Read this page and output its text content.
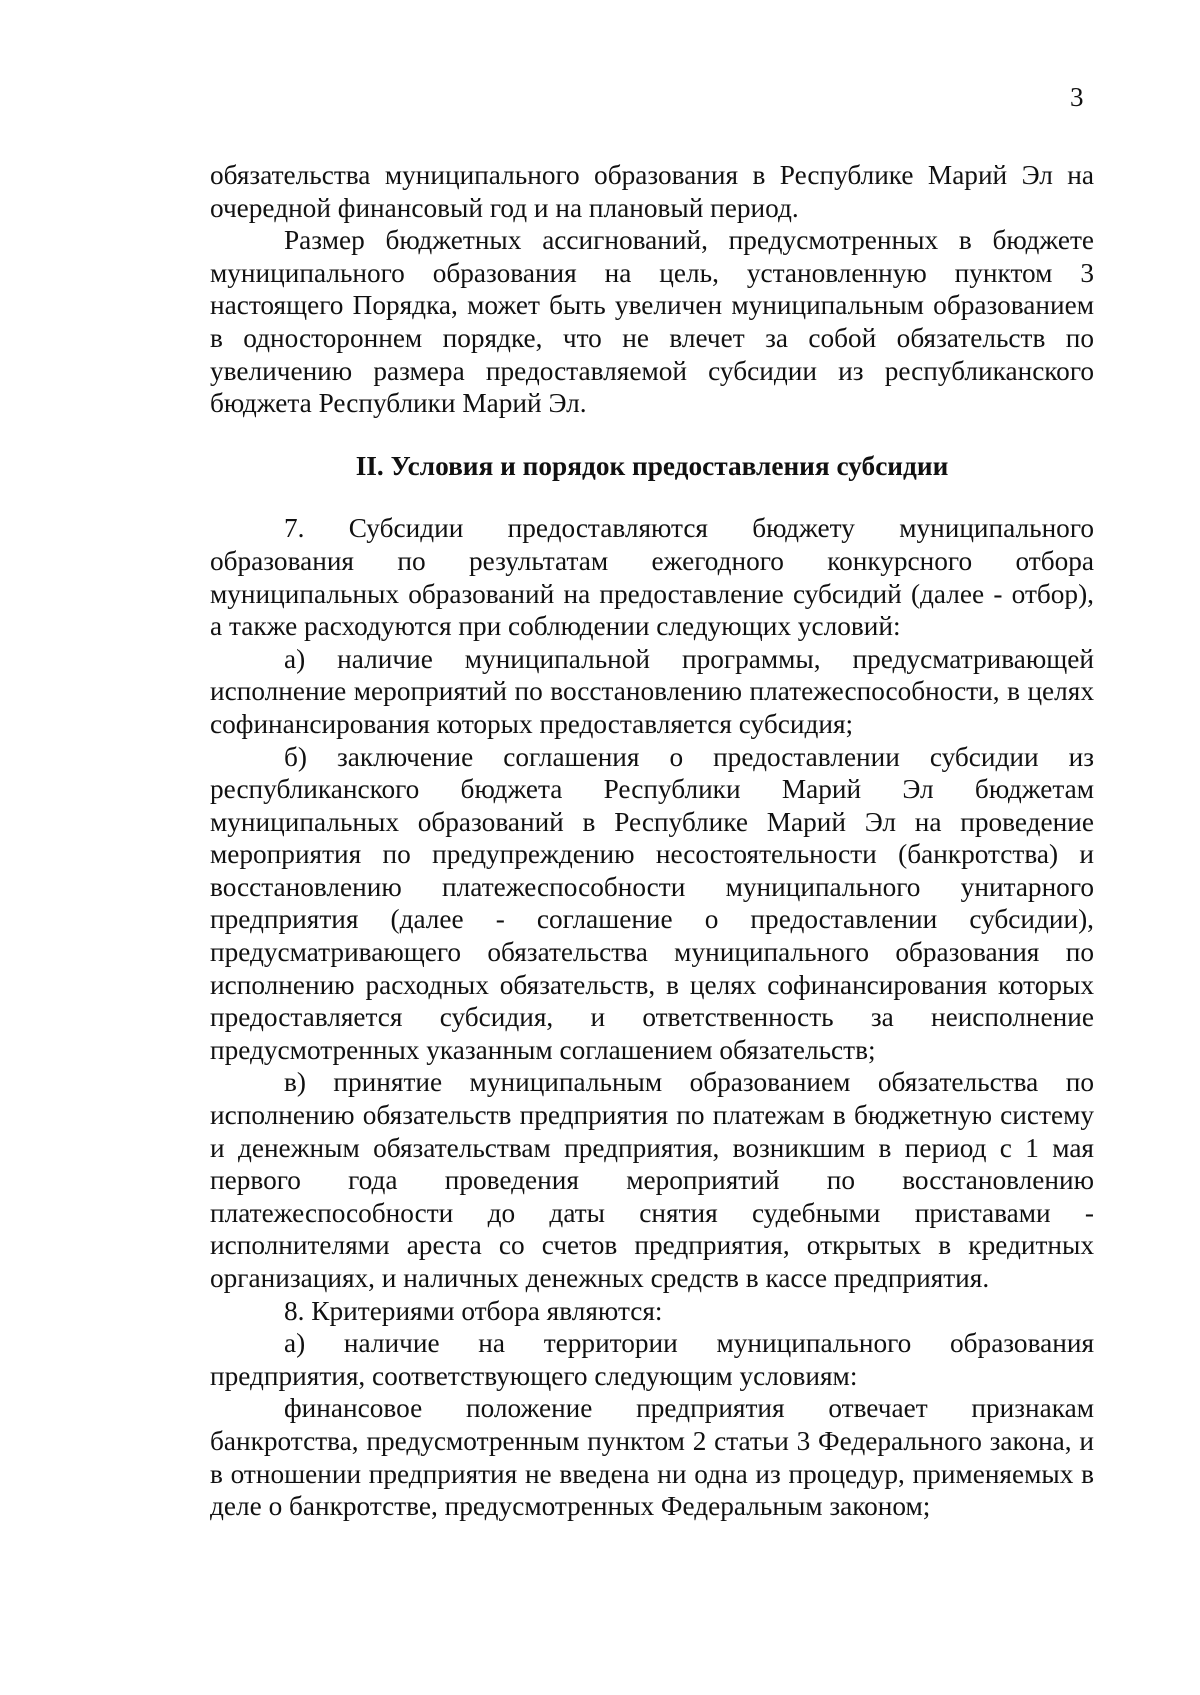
3

обязательства муниципального образования в Республике Марий Эл на очередной финансовый год и на плановый период.

Размер бюджетных ассигнований, предусмотренных в бюджете муниципального образования на цель, установленную пунктом 3 настоящего Порядка, может быть увеличен муниципальным образованием в одностороннем порядке, что не влечет за собой обязательств по увеличению размера предоставляемой субсидии из республиканского бюджета Республики Марий Эл.

II. Условия и порядок предоставления субсидии

7. Субсидии предоставляются бюджету муниципального образования по результатам ежегодного конкурсного отбора муниципальных образований на предоставление субсидий (далее - отбор), а также расходуются при соблюдении следующих условий:

а) наличие муниципальной программы, предусматривающей исполнение мероприятий по восстановлению платежеспособности, в целях софинансирования которых предоставляется субсидия;

б) заключение соглашения о предоставлении субсидии из республиканского бюджета Республики Марий Эл бюджетам муниципальных образований в Республике Марий Эл на проведение мероприятия по предупреждению несостоятельности (банкротства) и восстановлению платежеспособности муниципального унитарного предприятия (далее - соглашение о предоставлении субсидии), предусматривающего обязательства муниципального образования по исполнению расходных обязательств, в целях софинансирования которых предоставляется субсидия, и ответственность за неисполнение предусмотренных указанным соглашением обязательств;

в) принятие муниципальным образованием обязательства по исполнению обязательств предприятия по платежам в бюджетную систему и денежным обязательствам предприятия, возникшим в период с 1 мая первого года проведения мероприятий по восстановлению платежеспособности до даты снятия судебными приставами - исполнителями ареста со счетов предприятия, открытых в кредитных организациях, и наличных денежных средств в кассе предприятия.

8. Критериями отбора являются:

а) наличие на территории муниципального образования предприятия, соответствующего следующим условиям:

финансовое положение предприятия отвечает признакам банкротства, предусмотренным пунктом 2 статьи 3 Федерального закона, и в отношении предприятия не введена ни одна из процедур, применяемых в деле о банкротстве, предусмотренных Федеральным законом;
